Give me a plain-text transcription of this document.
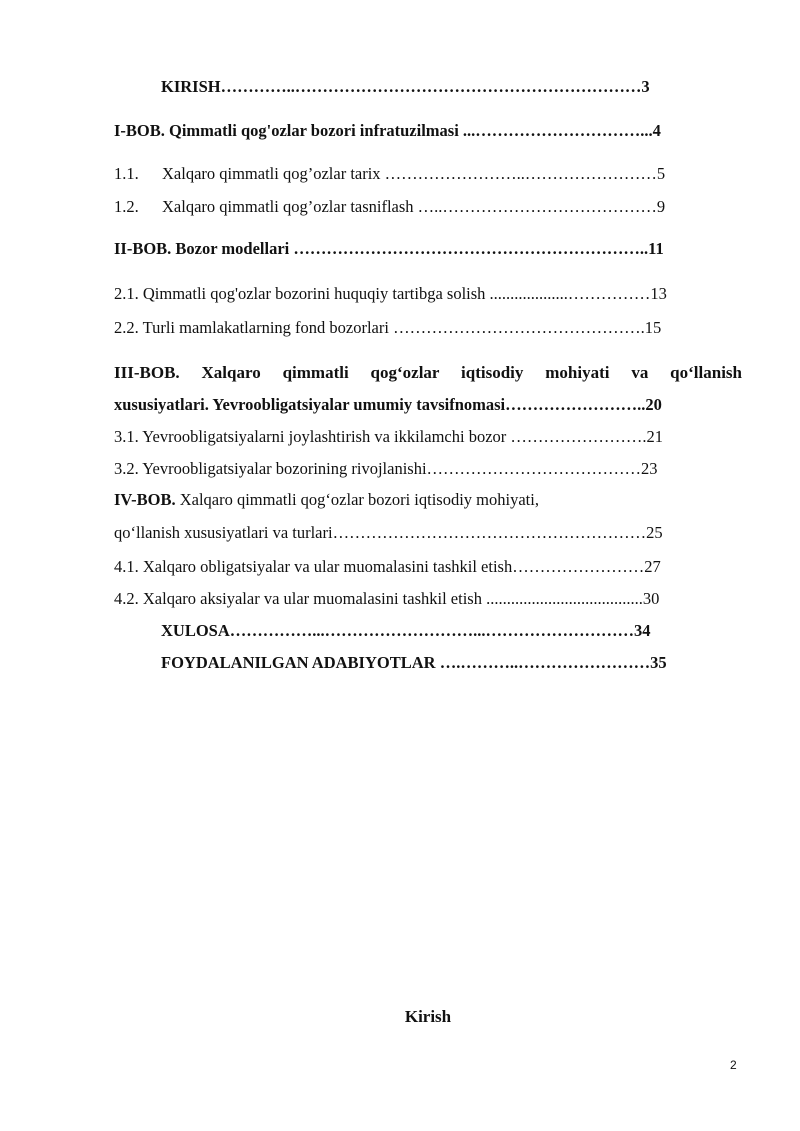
KIRISH…………..………………………………………………………3
I-BOB. Qimmatli qog'ozlar bozori infratuzilmasi ...…………………………...4
1.1. Xalqaro qimmatli qog’ozlar tarix ……………………..……………………5
1.2. Xalqaro qimmatli qog’ozlar tasniflash …..…………………………………9
II-BOB. Bozor modellari ………………………………………………………..11
2.1. Qimmatli qog'ozlar bozorini huquqiy tartibga solish ...................……………13
2.2. Turli mamlakatlarning fond bozorlari ……………………………………….15
III-BOB. Xalqaro qimmatli qog‘ozlar iqtisodiy mohiyati va qo‘llanish
xususiyatlari. Yevroobligatsiyalar umumiy tavsifnomasi……………………..20
3.1. Yevroobligatsiyalarni joylashtirish va ikkilamchi bozor …………………….21
3.2. Yevroobligatsiyalar bozorining rivojlanishi…………………………………23
IV-BOB. Xalqaro qimmatli qog‘ozlar bozori iqtisodiy mohiyati,
qo‘llanish xususiyatlari va turlari…………………………………………………25
4.1. Xalqaro obligatsiyalar va ular muomalasini tashkil etish……………………27
4.2. Xalqaro aksiyalar va ular muomalasini tashkil etish ......................................30
XULOSA……………...………………………...………………………34
FOYDALANILGAN ADABIYOTLAR ….………..……………………35
Kirish
2
